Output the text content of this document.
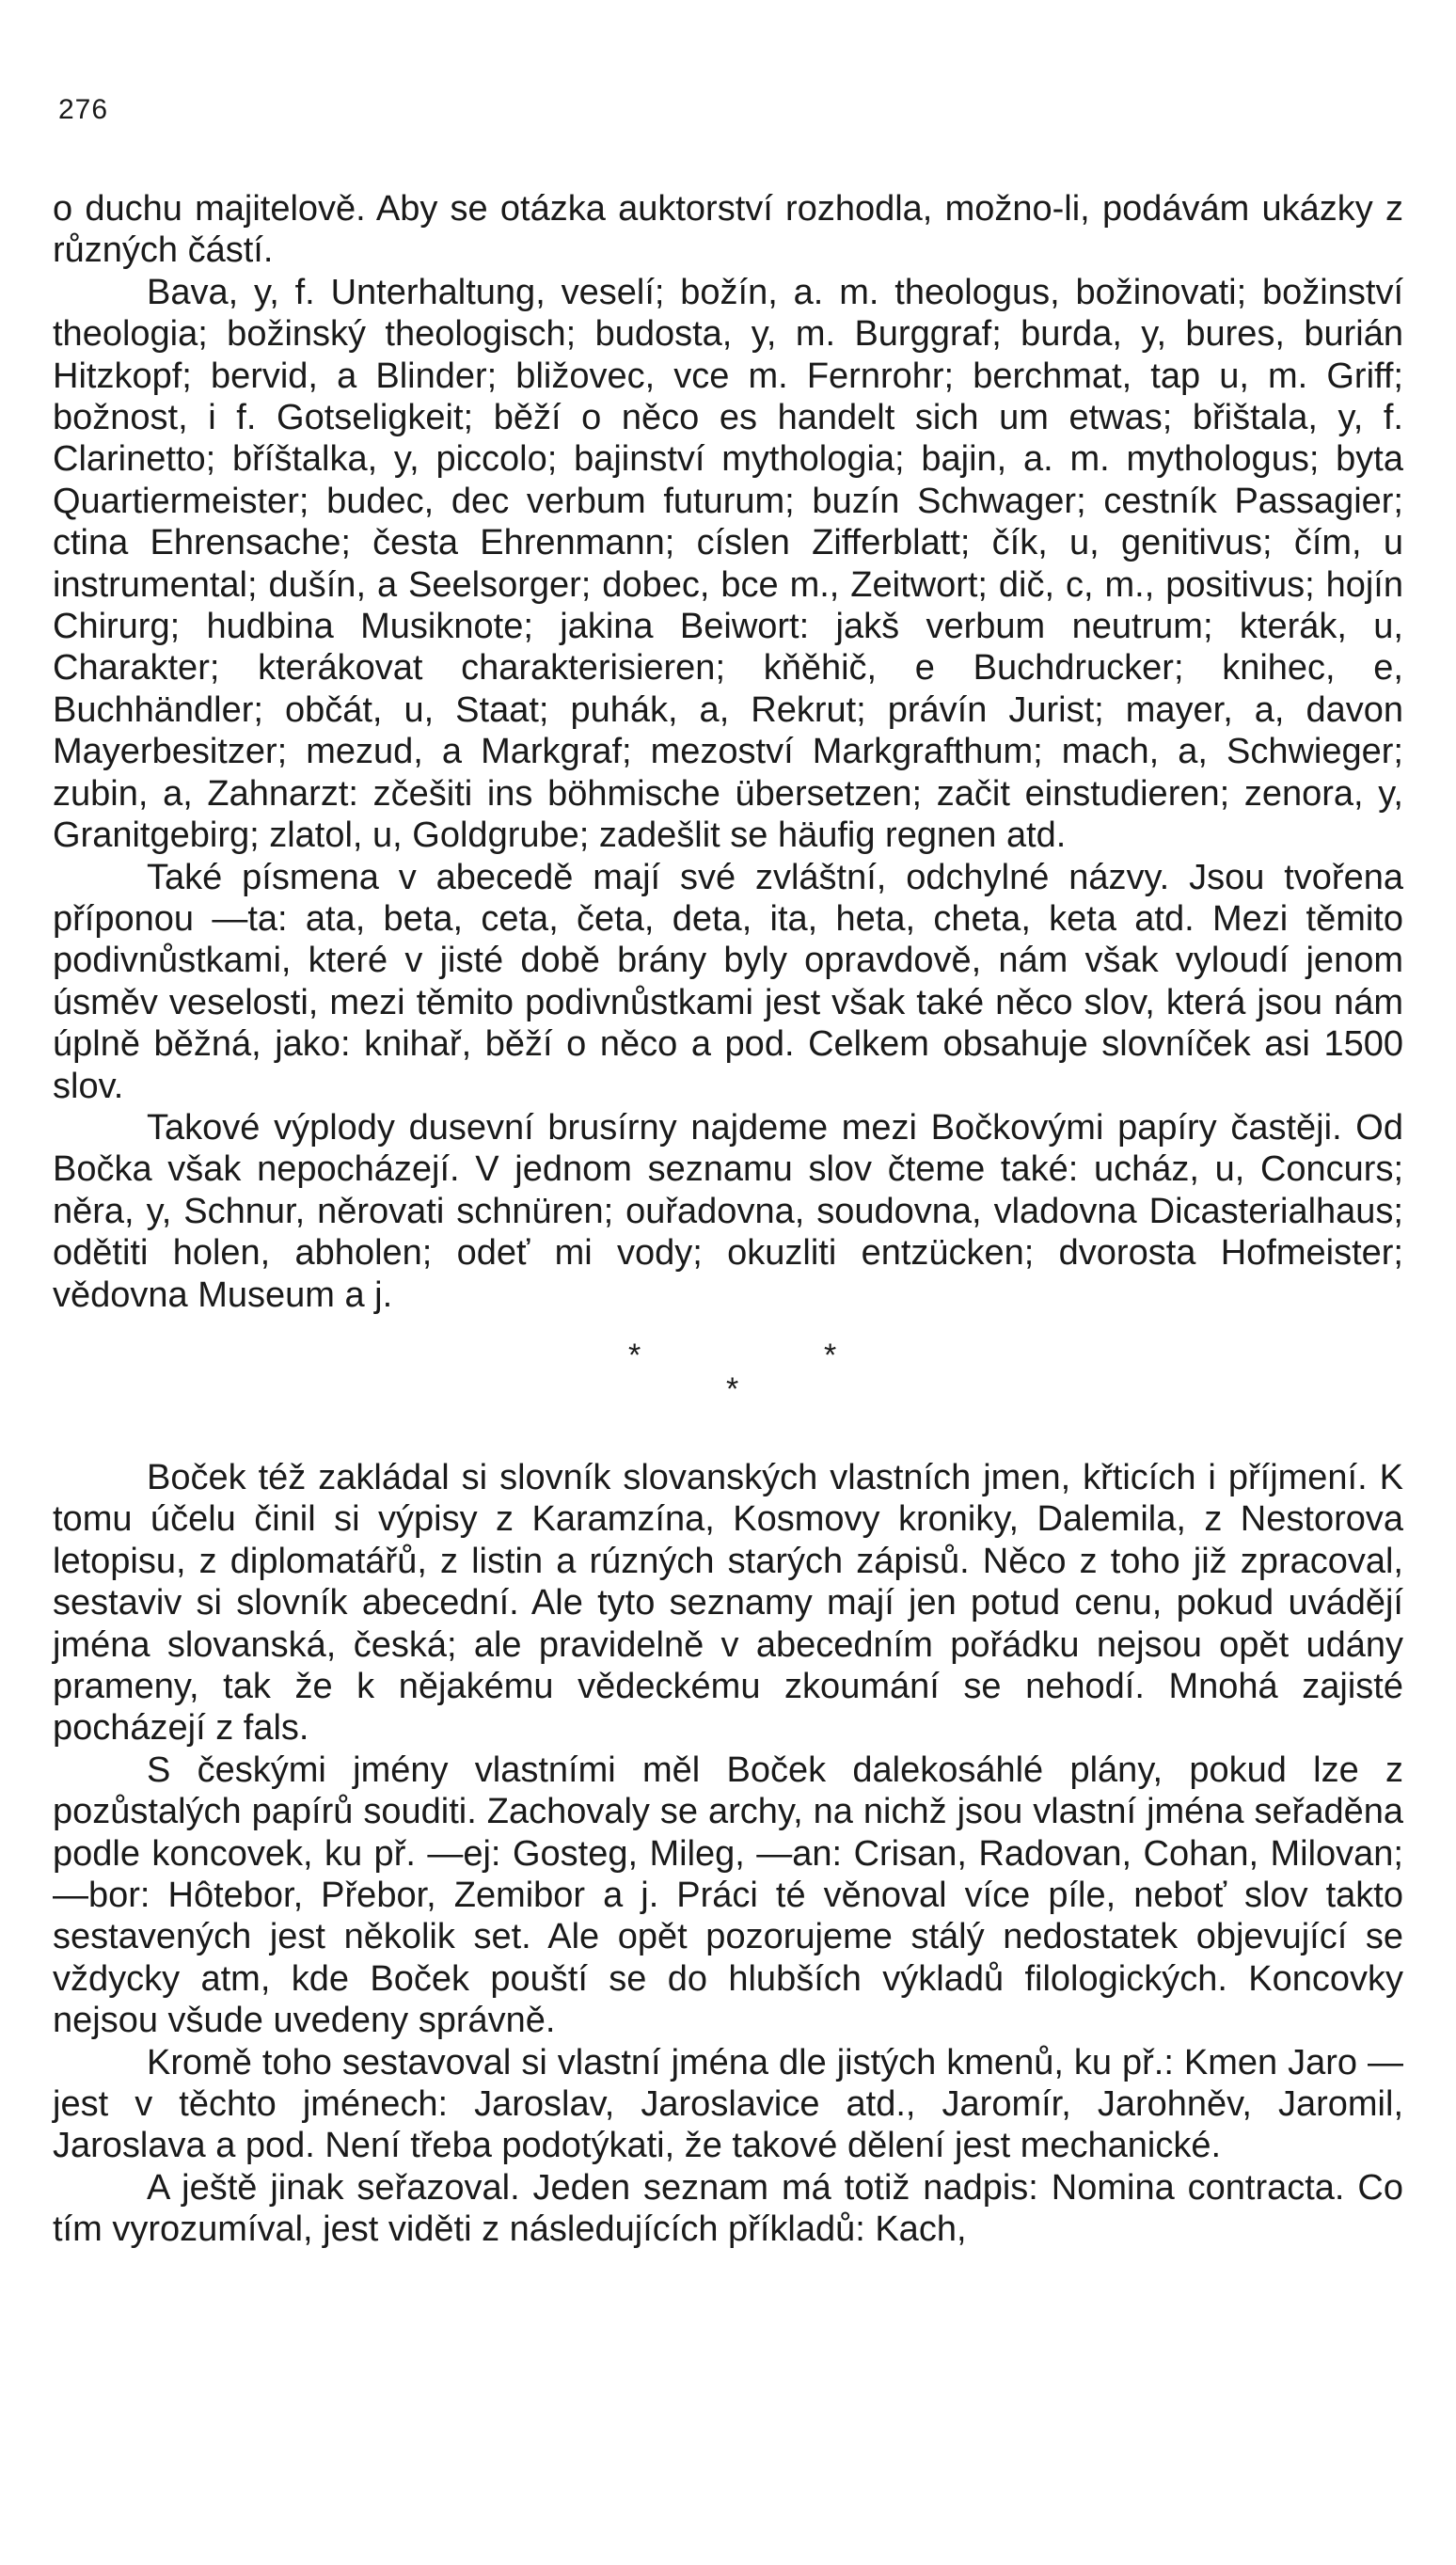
276

o duchu majitelově. Aby se otázka auktorství rozhodla, možno-li, podávám ukázky z různých částí.

Bava, y, f. Unterhaltung, veselí; božín, a. m. theologus, božinovati; božinství theologia; božinský theologisch; budosta, y, m. Burggraf; burda, y, bures, burián Hitzkopf; bervid, a Blinder; bližovec, vce m. Fernrohr; berchmat, tap u, m. Griff; božnost, i f. Gotseligkeit; běží o něco es handelt sich um etwas; břištala, y, f. Clarinetto; bříštalka, y, piccolo; bajinství mythologia; bajin, a. m. mythologus; byta Quartiermeister; budec, dec verbum futurum; buzín Schwager; cestník Passagier; ctina Ehrensache; česta Ehrenmann; císlen Zifferblatt; čík, u, genitivus; čím, u instrumental; dušín, a Seelsorger; dobec, bce m., Zeitwort; dič, c, m., positivus; hojín Chirurg; hudbina Musiknote; jakina Beiwort: jakš verbum neutrum; kterák, u, Charakter; kterákovat charakterisieren; kňěhič, e Buchdrucker; knihec, e, Buchhändler; občát, u, Staat; puhák, a, Rekrut; právín Jurist; mayer, a, davon Mayerbesitzer; mezud, a Markgraf; mezoství Markgrafthum; mach, a, Schwieger; zubin, a, Zahnarzt: zčešiti ins böhmische übersetzen; začit einstudieren; zenora, y, Granitgebirg; zlatol, u, Goldgrube; zadešlit se häufig regnen atd.

Také písmena v abecedě mají své zvláštní, odchylné názvy. Jsou tvořena příponou —ta: ata, beta, ceta, četa, deta, ita, heta, cheta, keta atd. Mezi těmito podivnůstkami, které v jisté době brány byly opravdově, nám však vyloudí jenom úsměv veselosti, mezi těmito podivnůstkami jest však také něco slov, která jsou nám úplně běžná, jako: knihař, běží o něco a pod. Celkem obsahuje slovníček asi 1500 slov.

Takové výplody dusevní brusírny najdeme mezi Bočkovými papíry častěji. Od Bočka však nepocházejí. V jednom seznamu slov čteme také: ucház, u, Concurs; něra, y, Schnur, něrovati schnüren; ouřadovna, soudovna, vladovna Dicasterialhaus; odětiti holen, abholen; odeť mi vody; okuzliti entzücken; dvorosta Hofmeister; vědovna Museum a j.

*	*
*

Boček též zakládal si slovník slovanských vlastních jmen, křticích i příjmení. K tomu účelu činil si výpisy z Karamzína, Kosmovy kroniky, Dalemila, z Nestorova letopisu, z diplomatářů, z listin a rúzných starých zápisů. Něco z toho již zpracoval, sestaviv si slovník abecední. Ale tyto seznamy mají jen potud cenu, pokud uvádějí jména slovanská, česká; ale pravidelně v abecedním pořádku nejsou opět udány prameny, tak že k nějakému vědeckému zkoumání se nehodí. Mnohá zajisté pocházejí z fals.

S českými jmény vlastními měl Boček dalekosáhlé plány, pokud lze z pozůstalých papírů souditi. Zachovaly se archy, na nichž jsou vlastní jména seřaděna podle koncovek, ku př. —ej: Gosteg, Mileg, —an: Crisan, Radovan, Cohan, Milovan; —bor: Hôtebor, Přebor, Zemibor a j. Práci té věnoval více píle, neboť slov takto sestavených jest několik set. Ale opět pozorujeme stálý nedostatek objevující se vždycky atm, kde Boček pouští se do hlubších výkladů filologických. Koncovky nejsou všude uvedeny správně.

Kromě toho sestavoval si vlastní jména dle jistých kmenů, ku př.: Kmen Jaro — jest v těchto jménech: Jaroslav, Jaroslavice atd., Jaromír, Jarohněv, Jaromil, Jaroslava a pod. Není třeba podotýkati, že takové dělení jest mechanické.

A ještě jinak seřazoval. Jeden seznam má totiž nadpis: Nomina contracta. Co tím vyrozumíval, jest viděti z následujících příkladů: Kach,
